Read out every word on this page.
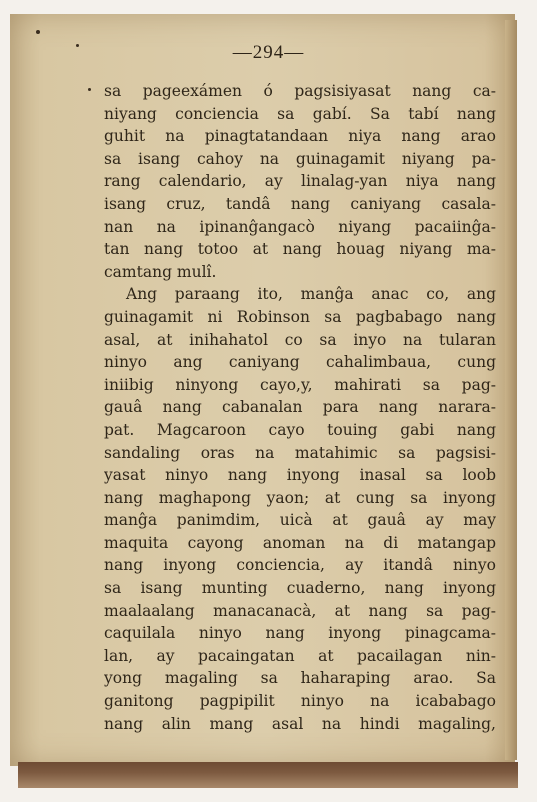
—294—
sa pageexámen ó pagsisiyasat nang ca-
niyang conciencia sa gabí. Sa tabí nang
guhit na pinagtatandaan niya nang arao
sa isang cahoy na guinagamit niyang pa-
rang calendario, ay linalag-yan niya nang
isang cruz, tandâ nang caniyang casala-
nan na ipinanĝangacò niyang pacaiinĝa-
tan nang totoo at nang houag niyang ma-
camtang mulî.
Ang paraang ito, manĝa anac co, ang
guinagamit ni Robinson sa pagbabago nang
asal, at inihahatol co sa inyo na tularan
ninyo ang caniyang cahalimbaua, cung
iniibig ninyong cayo,y, mahirati sa pag-
gauâ nang cabanalan para nang narara-
pat. Magcaroon cayo touing gabi nang
sandaling oras na matahimic sa pagsisi-
yasat ninyo nang inyong inasal sa loob
nang maghapong yaon; at cung sa inyong
manĝa panimdim, uicà at gauâ ay may
maquita cayong anoman na di matangap
nang inyong conciencia, ay itandâ ninyo
sa isang munting cuaderno, nang inyong
maalaalang manacanacà, at nang sa pag-
caquilala ninyo nang inyong pinagcama-
lan, ay pacaingatan at pacailagan nin-
yong magaling sa haharaping arao. Sa
ganitong pagpipilit ninyo na icababago
nang alin mang asal na hindi magaling,
